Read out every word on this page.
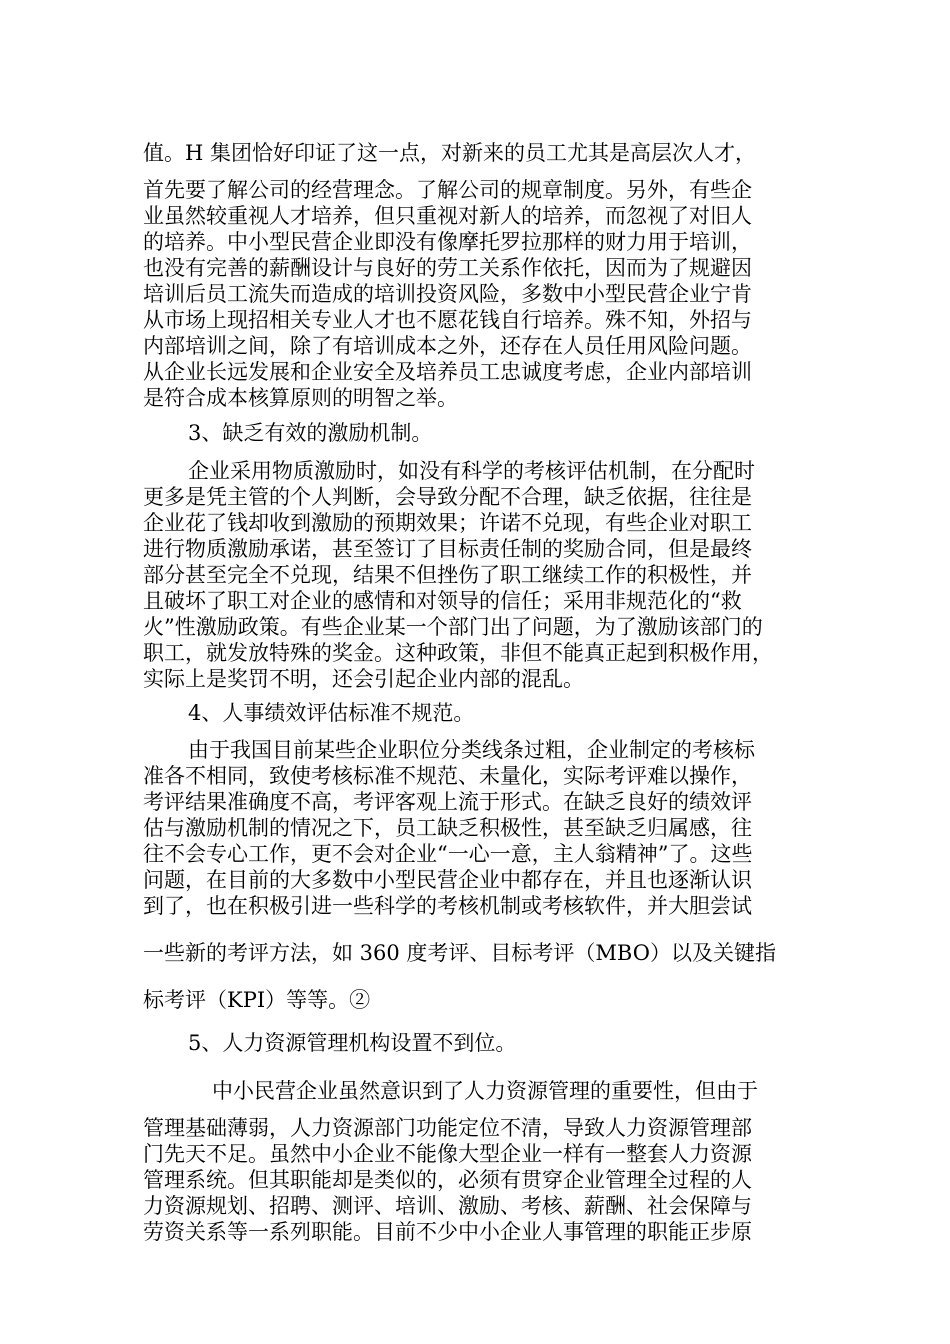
值。H 集团恰好印证了这一点，对新来的员工尤其是高层次人才，
首先要了解公司的经营理念。了解公司的规章制度。另外，有些企
业虽然较重视人才培养，但只重视对新人的培养，而忽视了对旧人
的培养。中小型民营企业即没有像摩托罗拉那样的财力用于培训，
也没有完善的薪酬设计与良好的劳工关系作依托，因而为了规避因
培训后员工流失而造成的培训投资风险，多数中小型民营企业宁肯
从市场上现招相关专业人才也不愿花钱自行培养。殊不知，外招与
内部培训之间，除了有培训成本之外，还存在人员任用风险问题。
从企业长远发展和企业安全及培养员工忠诚度考虑，企业内部培训
是符合成本核算原则的明智之举。
3、缺乏有效的激励机制。
企业采用物质激励时，如没有科学的考核评估机制，在分配时
更多是凭主管的个人判断，会导致分配不合理，缺乏依据，往往是
企业花了钱却收到激励的预期效果；许诺不兑现，有些企业对职工
进行物质激励承诺，甚至签订了目标责任制的奖励合同，但是最终
部分甚至完全不兑现，结果不但挫伤了职工继续工作的积极性，并
且破坏了职工对企业的感情和对领导的信任；采用非规范化的“救
火”性激励政策。有些企业某一个部门出了问题，为了激励该部门的
职工，就发放特殊的奖金。这种政策，非但不能真正起到积极作用，
实际上是奖罚不明，还会引起企业内部的混乱。
4、人事绩效评估标准不规范。
由于我国目前某些企业职位分类线条过粗，企业制定的考核标
准各不相同，致使考核标准不规范、未量化，实际考评难以操作，
考评结果准确度不高，考评客观上流于形式。在缺乏良好的绩效评
估与激励机制的情况之下，员工缺乏积极性，甚至缺乏归属感，往
往不会专心工作，更不会对企业“一心一意，主人翁精神”了。这些
问题，在目前的大多数中小型民营企业中都存在，并且也逐渐认识
到了，也在积极引进一些科学的考核机制或考核软件，并大胆尝试
一些新的考评方法，如 360 度考评、目标考评（MBO）以及关键指
标考评（KPI）等等。②
5、人力资源管理机构设置不到位。
中小民营企业虽然意识到了人力资源管理的重要性，但由于
管理基础薄弱，人力资源部门功能定位不清，导致人力资源管理部
门先天不足。虽然中小企业不能像大型企业一样有一整套人力资源
管理系统。但其职能却是类似的，必须有贯穿企业管理全过程的人
力资源规划、招聘、测评、培训、激励、考核、薪酬、社会保障与
劳资关系等一系列职能。目前不少中小企业人事管理的职能正步原
